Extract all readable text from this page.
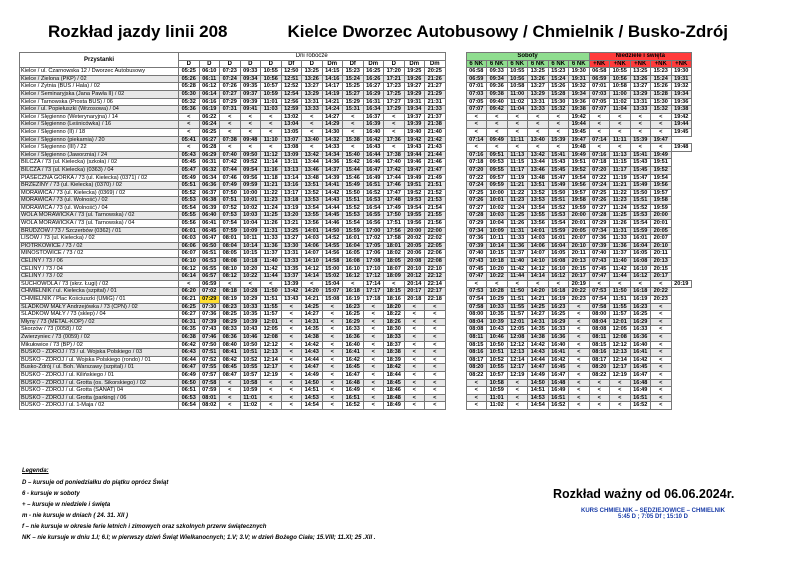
Rozkład jazdy linii 208	Kielce Dworzec Autobusowy / Chmielnik / Busko-Zdrój
Przystanki	Dni robocze														Soboty						Niedziele i święta				
	D	D	D	D	D	Df	D	Dm	Df	Dm	D	Dm	Dm		6 NK	6 NK	6 NK	6 NK	6 NK	6 NK	+NK	+NK	+NK	+NK	+NK
Kielce / ul. Czarnowska 12 / Dworzec Autobusowy	05:25	06:10	07:23	09:33	10:55	12:50	13:25	14:15	15:23	16:25	17:20	19:25	20:25		06:58	09:33	10:55	13:25	15:23	19:30	06:58	10:55	13:25	15:23	19:30
Kielce / Zielona (PKP) / 02	05:26	06:11	07:24	09:34	10:56	12:51	13:26	14:16	15:24	16:26	17:21	19:26	21:26		06:59	09:34	10:56	13:26	15:24	19:31	06:59	10:56	13:26	15:24	19:31
Kielce / Żytnia (BUS / Hala) / 02	05:28	06:12	07:26	09:35	10:57	12:52	13:27	14:17	15:25	16:27	17:23	19:27	21:27		07:01	09:36	10:58	13:27	15:26	19:32	07:01	10:58	13:27	15:26	19:32
Kielce / Seminaryjska (Jana Pawła II) / 02	05:30	06:14	07:27	09:37	10:59	12:54	13:29	14:19	15:27	16:29	17:25	19:29	21:29		07:03	09:38	11:00	13:29	15:28	19:34	07:03	11:00	13:29	15:28	19:34
Kielce / Tarnowska (Prosta BUS) / 06	05:32	06:16	07:29	09:39	11:01	12:56	13:31	14:21	15:29	16:31	17:27	19:31	21:31		07:05	09:40	11:02	13:31	15:30	19:36	07:05	11:02	13:31	15:30	19:36
Kielce / ul. Popiełuszki (Wrzosowa) / 04	05:36	06:19	07:31	09:41	11:03	12:59	13:33	14:24	15:31	16:34	17:29	19:34	21:33		07:07	09:42	11:04	13:33	15:32	19:38	07:07	11:04	13:33	15:32	19:38
Kielce / Ślęgienno (Weterynaryjna) / 14	<	06:22	<	<	<	13:02	<	14:27	<	16:37	<	19:37	21:37		<	<	<	<	<	19:42	<	<	<	<	19:42
Kielce / Ślęgienno (Leśnicówka) / 16	<	06:24	<	<	<	13:04	<	14:29	<	16:39	<	19:39	21:38		<	<	<	<	<	19:44	<	<	<	<	19:44
Kielce / Ślęgienno (II) / 18	<	06:25	<	<	<	13:05	<	14:30	<	16:40	<	19:40	21:40		<	<	<	<	<	19:45	<	<	<	<	19:45
Kielce / Ślęgienno (piekarnia) / 20	05:41	06:27	07:38	09:48	11:10	13:07	13:40	14:32	15:38	16:42	17:36	19:42	21:42		07:14	09:49	11:11	13:40	15:39	19:47	07:14	11:11	15:39	19:47	
Kielce / Ślęgienno (III) / 22	<	06:28	<	<	<	13:08	<	14:33	<	16:43	<	19:43	21:43		<	<	<	<	<	19:48	<	<	<	<	19:48
Kielce / Ślęgienno (Jaworznia) / 24	05:43	06:29	07:40	09:50	11:12	13:09	13:42	14:34	15:40	16:44	17:38	19:44	21:44		07:16	09:51	11:13	13:42	15:41	19:49	07:16	11:13	15:41	19:49	
BILCZA / 73 (ul. Kielecka) (szkoła) / 02	05:45	06:31	07:42	09:52	11:14	13:11	13:44	14:36	15:42	16:46	17:40	19:46	21:46		07:18	09:53	11:15	13:44	15:43	19:51	07:18	11:15	15:43	19:51	
BILCZA / 73 (ul. Kielecka) (0363) / 04	05:47	06:32	07:44	09:54	11:16	13:13	13:46	14:37	15:44	16:47	17:42	19:47	21:47		07:20	09:55	11:17	13:46	15:45	19:52	07:20	11:17	15:45	19:52	
PIASECZNA GÓRKA / 73 (ul. Kielecka) (0371) / 02	05:49	06:34	07:46	09:56	11:18	13:14	13:48	14:39	15:46	16:49	17:44	19:49	21:49		07:22	09:57	11:19	13:48	15:47	19:54	07:22	11:19	15:47	19:54	
BRZEZINY / 73 (ul. Kielecka) (0370) / 02	05:51	06:36	07:49	09:59	11:21	13:16	13:51	14:41	15:49	16:51	17:46	19:51	21:51		07:24	09:59	11:21	13:51	15:49	19:56	07:24	11:21	15:49	19:56	
MORAWICA / 73 (ul. Kielecka) (0369) / 02	05:52	06:37	07:50	10:00	11:22	13:17	13:52	14:42	15:50	16:52	17:47	19:52	21:52		07:25	10:00	11:22	13:52	15:50	19:57	07:25	11:22	15:50	19:57	
MORAWICA / 73 (ul. Wolność) / 02	05:53	06:38	07:51	10:01	11:23	13:18	13:53	14:43	15:51	16:53	17:48	19:53	21:53		07:26	10:01	11:23	13:53	15:51	19:58	07:26	11:23	15:51	19:58	
MORAWICA / 73 (ul. Wolność) / 04	05:54	06:39	07:52	10:02	11:24	13:19	13:54	14:44	15:52	16:54	17:49	19:54	21:54		07:27	10:02	11:24	13:54	15:52	19:59	07:27	11:24	15:52	19:59	
WOLA MORAWICKA / 73 (ul. Tarnowska) / 02	05:55	06:40	07:53	10:03	11:25	13:20	13:55	14:45	15:53	16:55	17:50	19:55	21:55		07:28	10:03	11:25	13:55	15:53	20:00	07:28	11:25	15:53	20:00	
WOLA MORAWICKA / 73 (ul. Tarnowska) / 04	05:56	06:41	07:54	10:04	11:26	13:21	13:56	14:46	15:54	16:56	17:51	19:56	21:56		07:29	10:04	11:26	13:56	15:54	20:01	07:29	11:26	15:54	20:01	
BRUDZÓW / 73 / Szczerbów (0362) / 01	06:01	06:45	07:59	10:09	11:31	13:25	14:01	14:50	15:59	17:00	17:56	20:00	22:00		07:34	10:09	11:31	14:01	15:59	20:05	07:34	11:31	15:59	20:05	
LISÓW / 73 (ul. Kielecka) / 02	06:03	06:47	08:01	10:11	11:33	13:27	14:03	14:52	16:01	17:02	17:58	20:02	22:02		07:36	10:11	11:33	14:03	16:01	20:07	07:36	11:33	16:01	20:07	
PIOTRKOWICE / 73 / 02	06:06	06:50	08:04	10:14	11:36	13:30	14:06	14:55	16:04	17:05	18:01	20:05	22:05		07:39	10:14	11:36	14:06	16:04	20:10	07:39	11:36	16:04	20:10	
MINOSTOWICE / 73 / 02	06:07	06:51	08:05	10:15	11:37	13:31	14:07	14:56	16:05	17:06	18:02	20:06	22:06		07:40	10:15	11:37	14:07	16:05	20:11	07:40	11:37	16:05	20:11	
CELINY / 73 / 06	06:10	06:53	08:08	10:18	11:40	13:33	14:10	14:58	16:08	17:08	18:05	20:08	22:08		07:43	10:18	11:40	14:10	16:08	20:13	07:43	11:40	16:08	20:13	
CELINY / 73 / 04	06:12	06:55	08:10	10:20	11:42	13:35	14:12	15:00	16:10	17:10	18:07	20:10	22:10		07:45	10:20	11:42	14:12	16:10	20:15	07:45	11:42	16:10	20:15	
CELINY / 73 / 02	06:14	06:57	08:12	10:22	11:44	13:37	14:14	15:02	16:12	17:12	18:09	20:12	22:12		07:47	10:22	11:44	14:14	16:12	20:17	07:47	11:44	16:12	20:17	
SUCHOWOLA / 73 (skrz. Ługi) / 02	<	06:59	<	<	<	13:39	<	15:04	<	17:14	<	20:14	22:14		<	<	<	<	<	20:19	<	<	<	<	20:19
CHMIELNIK / ul. Kielecka (szpital) / 01	06:20	07:02	08:18	10:28	11:50	13:42	14:20	15:07	16:18	17:17	18:15	20:17	22:17		07:53	10:28	11:50	14:20	16:18	20:22	07:53	11:50	16:18	20:22	
CHMIELNIK / Plac Kościuszki (UMiG) / 01	06:21	07:29	08:19	10:29	11:51	13:43	14:21	15:08	16:19	17:18	18:16	20:18	22:18		07:54	10:29	11:51	14:21	16:19	20:23	07:54	11:51	16:19	20:23	
ŚLADKÓW MAŁY Andrzejówka / 73 (CPN) / 02	06:25	07:30	08:23	10:33	11:55	<	14:25	<	16:23	<	18:20	<	<		07:58	10:33	11:55	14:25	16:23	<	07:58	11:55	16:23	<	
ŚLADKÓW MAŁY / 73 (sklep) / 04	06:27	07:36	08:25	10:35	11:57	<	14:27	<	16:25	<	18:22	<	<		08:00	10:35	11:57	14:27	16:25	<	08:00	11:57	16:25	<	
Młyny / 73 (METAL-KOP) / 02	06:31	07:39	08:29	10:39	12:01	<	14:31	<	16:29	<	18:26	<	<		08:04	10:39	12:01	14:31	16:29	<	08:04	12:01	16:29	<	
Skorzów / 73 (0058) / 02	06:35	07:43	08:33	10:43	12:05	<	14:35	<	16:33	<	18:30	<	<		08:08	10:43	12:05	14:35	16:33	<	08:08	12:05	16:33	<	
Zwierzyniec / 73 (0059) / 02	06:38	07:46	08:36	10:46	12:08	<	14:38	<	16:36	<	18:33	<	<		08:11	10:46	12:08	14:38	16:36	<	08:11	12:08	16:36	<	
Mikułowice / 73 (BP) / 02	06:42	07:50	08:40	10:50	12:12	<	14:42	<	16:40	<	18:37	<	<		08:15	10:50	12:12	14:42	16:40	<	08:15	12:12	16:40	<	
BUSKO - ZDRÓJ / 73 / ul. Wojska Polskiego / 03	06:43	07:51	08:41	10:51	12:13	<	14:43	<	16:41	<	18:38	<	<		08:16	10:51	12:13	14:43	16:41	<	08:16	12:13	16:41	<	
BUSKO - ZDRÓJ / ul. Wojska Polskiego (rondo) / 01	06:44	07:52	08:42	10:52	12:14	<	14:44	<	16:42	<	18:39	<	<		08:17	10:52	12:14	14:44	16:42	<	08:17	12:14	16:42	<	
Busko-Zdrój / ul. Boh. Warszawy (szpital) / 01	06:47	07:55	08:45	10:55	12:17	<	14:47	<	16:45	<	18:42	<	<		08:20	10:55	12:17	14:47	16:45	<	08:20	12:17	16:45	<	
BUSKO - ZDRÓJ / ul. Kilińskiego / 01	06:49	07:57	08:47	10:57	12:19	<	14:49	<	16:47	<	18:44	<	<		08:22	10:57	12:19	14:49	16:47	<	08:22	12:19	16:47	<	
BUSKO - ZDRÓJ / ul. Grotta (os. Sikorskiego) / 02	06:50	07:58	<	10:58	<	<	14:50	<	16:48	<	18:45	<	<		<	10:58	<	14:50	16:48	<	<	<	16:48	<	
BUSKO - ZDRÓJ / ul. Grotta (SANAT) 04	06:51	07:59	<	10:59	<	<	14:51	<	16:49	<	18:46	<	<		<	10:59	<	14:51	16:49	<	<	<	16:49	<	
BUSKO - ZDRÓJ / ul. Grotta (parking) / 06	06:53	08:01	<	11:01	<	<	14:53	<	16:51	<	18:48	<	<		<	11:01	<	14:53	16:51	<	<	<	16:51	<	
BUSKO - ZDRÓJ / ul. 1-Maja / 02	06:54	08:02	<	11:02	<	<	14:54	<	16:52	<	18:49	<	<		<	11:02	<	14:54	16:52	<	<	<	16:52	<	
Legenda:
D – kursuje od poniedziałku do piątku oprócz Świąt
6 - kursuje w soboty
+ – kursuje w niedziele i święta
m - nie kursuje w dniach ( 24. 31. XII )
f – nie kursuje w okresie ferie letnich i zimowych oraz szkolnych przerw świątecznych
NK – nie kursuje w dniu 1.I; 6.I; w pierwszy dzień Świąt Wielkanocnych; 1.V; 3.V; w dzień Bożego Ciała; 15.VIII; 11.XI; 25 .XII .
Rozkład ważny od 06.06.2024r.
KURS CHMIELNIK – SĘDZIEJOWICE – CHMIELNIK
5:45 D ; 7:05 Df ; 15:10 D
